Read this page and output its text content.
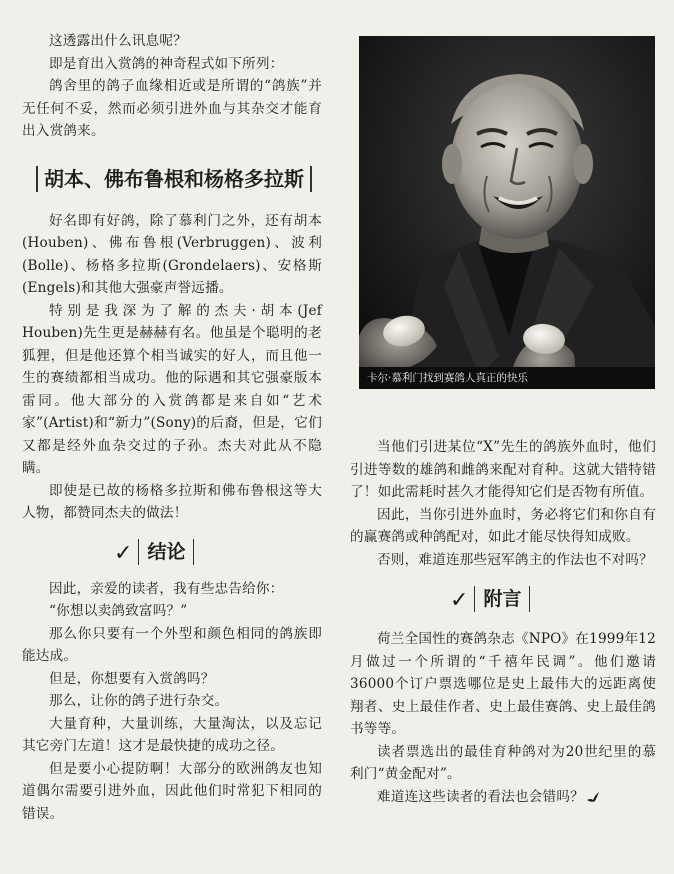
这透露出什么讯息呢？

即是育出入赏鸽的神奇程式如下所列：

鸽舍里的鸽子血缘相近或是所谓的“鸽族”并无任何不妥，然而必须引进外血与其杂交才能育出入赏鸽来。

胡本、佛布鲁根和杨格多拉斯

好名即有好鸽，除了慕利门之外，还有胡本(Houben)、佛布鲁根(Verbruggen)、波利(Bolle)、杨格多拉斯(Grondelaers)、安格斯(Engels)和其他大强豪声誉远播。

特别是我深为了解的杰夫·胡本(Jef Houben)先生更是赫赫有名。他虽是个聪明的老狐狸，但是他还算个相当诚实的好人，而且他一生的赛绩都相当成功。他的际遇和其它强豪版本雷同。他大部分的入赏鸽都是来自如“艺术家”(Artist)和“新力”(Sony)的后裔，但是，它们又都是经外血杂交过的子孙。杰夫对此从不隐瞒。

即使是已故的杨格多拉斯和佛布鲁根这等大人物，都赞同杰夫的做法！

✓ 结论

因此，亲爱的读者，我有些忠告给你：

“你想以卖鸽致富吗？”

那么你只要有一个外型和颜色相同的鸽族即能达成。

但是，你想要有入赏鸽吗？

那么，让你的鸽子进行杂交。

大量育种，大量训练，大量淘汰，以及忘记其它旁门左道！这才是最快捷的成功之径。

但是要小心提防啊！大部分的欧洲鸽友也知道偶尔需要引进外血，因此他们时常犯下相同的错误。

卡尔·慕利门找到赛鸽人真正的快乐

当他们引进某位“X”先生的鸽族外血时，他们引进等数的雄鸽和雌鸽来配对育种。这就大错特错了！如此需耗时甚久才能得知它们是否物有所值。

因此，当你引进外血时，务必将它们和你自有的赢赛鸽或种鸽配对，如此才能尽快得知成败。

否则，难道连那些冠军鸽主的作法也不对吗？

✓ 附言

荷兰全国性的赛鸽杂志《NPO》在1999年12月做过一个所谓的“千禧年民调”。他们邀请36000个订户票选哪位是史上最伟大的远距离使翔者、史上最佳作者、史上最佳赛鸽、史上最佳鸽书等等。

读者票选出的最佳育种鸽对为20世纪里的慕利门“黄金配对”。

难道连这些读者的看法也会错吗？
